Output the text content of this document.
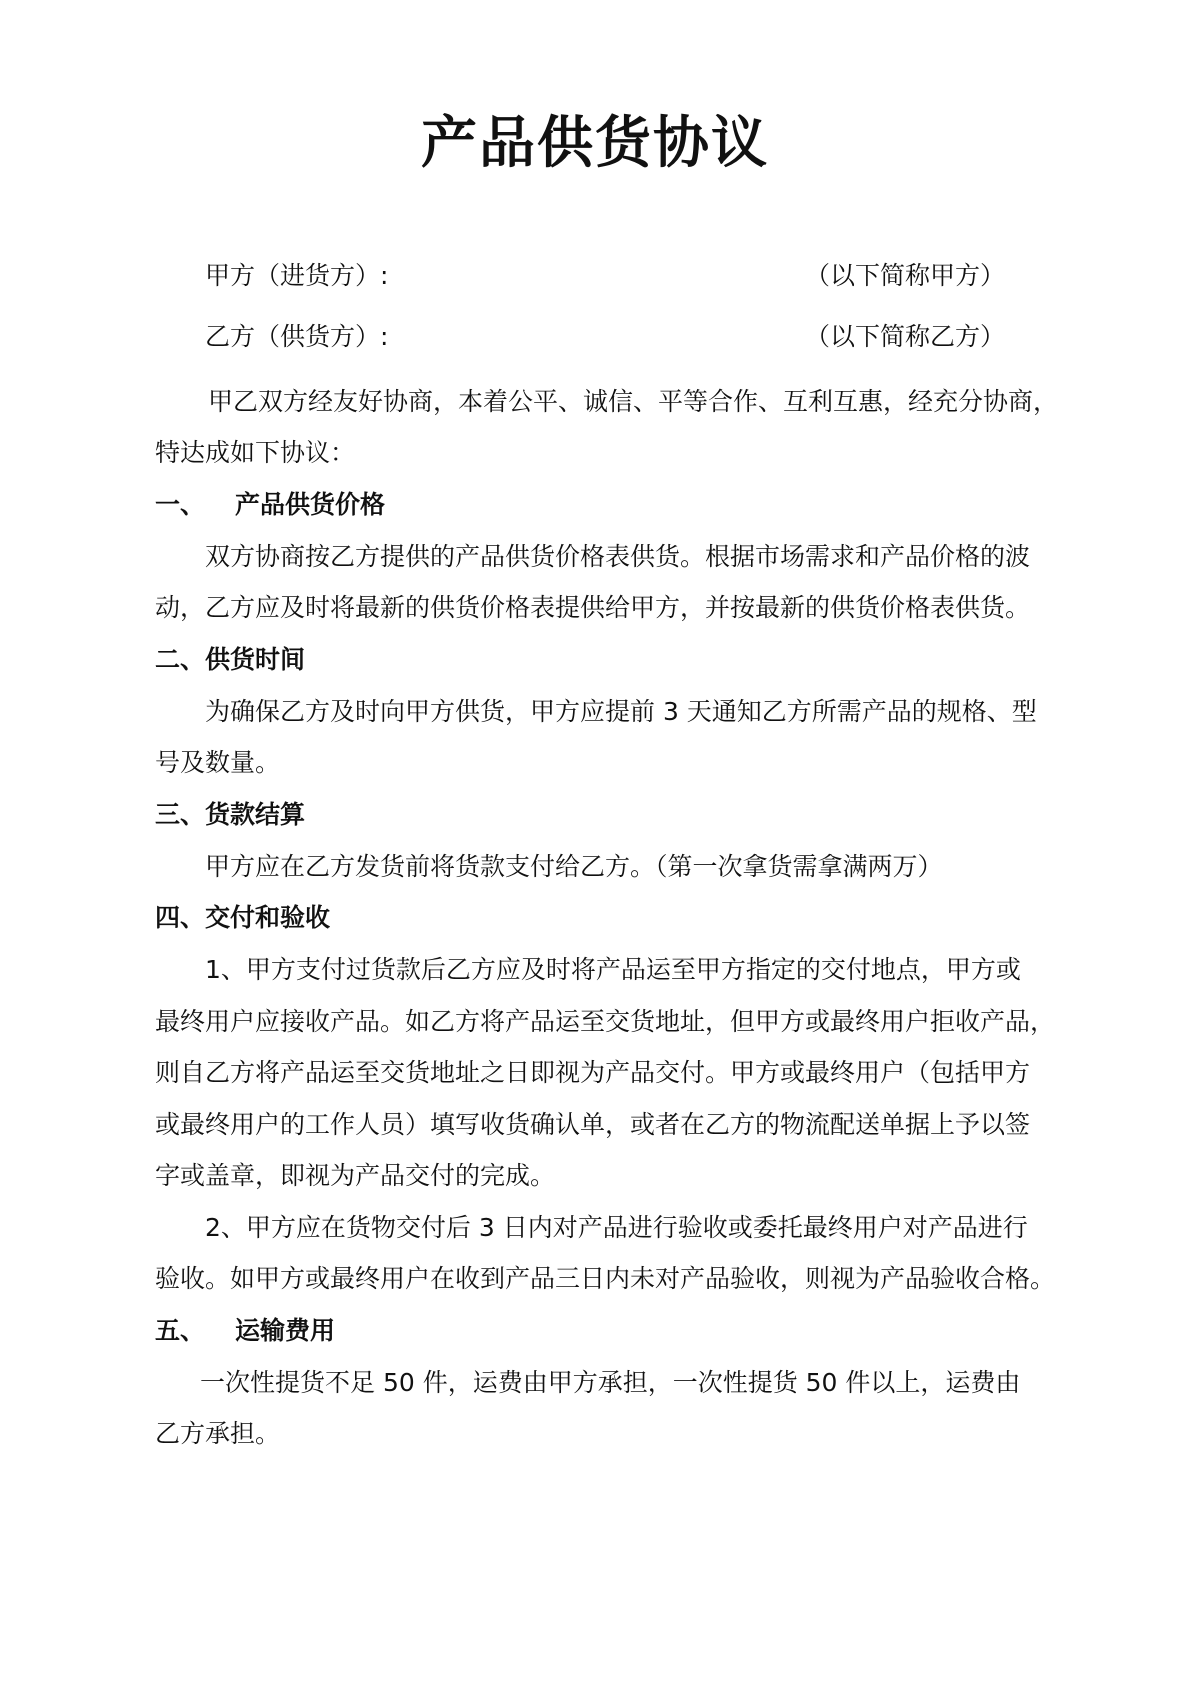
产品供货协议
甲方（进货方）:	（以下简称甲方）
乙方（供货方）:	（以下简称乙方）
甲乙双方经友好协商，本着公平、诚信、平等合作、互利互惠，经充分协商，
特达成如下协议：
一、 产品供货价格
双方协商按乙方提供的产品供货价格表供货。根据市场需求和产品价格的波
动，乙方应及时将最新的供货价格表提供给甲方，并按最新的供货价格表供货。
二、供货时间
为确保乙方及时向甲方供货，甲方应提前 3 天通知乙方所需产品的规格、型
号及数量。
三、货款结算
甲方应在乙方发货前将货款支付给乙方。（第一次拿货需拿满两万）
四、交付和验收
1、甲方支付过货款后乙方应及时将产品运至甲方指定的交付地点，甲方或
最终用户应接收产品。如乙方将产品运至交货地址，但甲方或最终用户拒收产品，
则自乙方将产品运至交货地址之日即视为产品交付。甲方或最终用户（包括甲方
或最终用户的工作人员）填写收货确认单，或者在乙方的物流配送单据上予以签
字或盖章，即视为产品交付的完成。
2、甲方应在货物交付后 3 日内对产品进行验收或委托最终用户对产品进行
验收。如甲方或最终用户在收到产品三日内未对产品验收，则视为产品验收合格。
五、 运输费用
一次性提货不足 50 件，运费由甲方承担，一次性提货 50 件以上，运费由
乙方承担。
